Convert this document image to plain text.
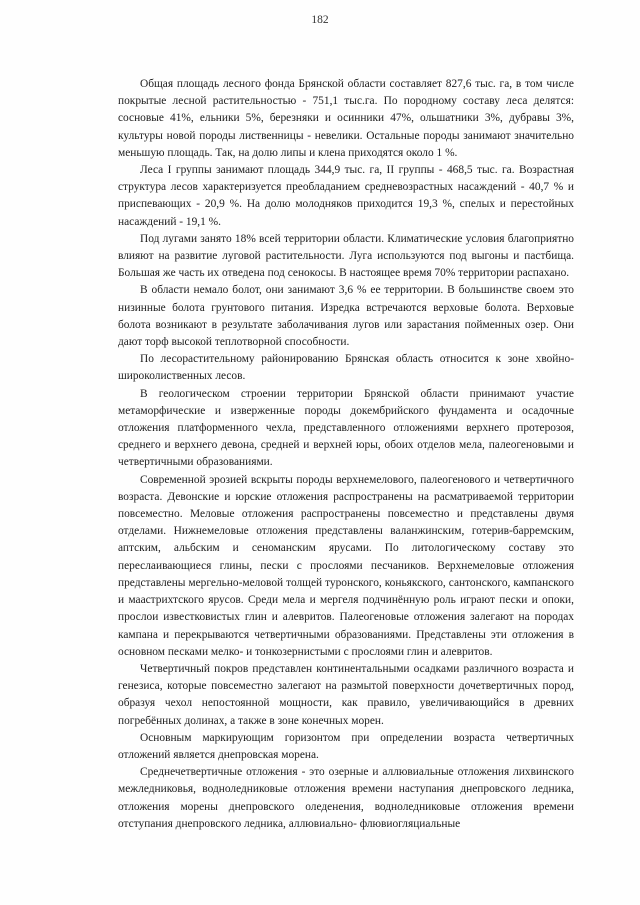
182

Общая площадь лесного фонда Брянской области составляет 827,6 тыс. га, в том числе покрытые лесной растительностью - 751,1 тыс.га. По породному составу леса делятся: сосновые 41%, ельники 5%, березняки и осинники 47%, ольшатники 3%, дубравы 3%, культуры новой породы лиственницы - невелики. Остальные породы занимают значительно меньшую площадь. Так, на долю липы и клена приходятся около 1 %.

Леса I группы занимают площадь 344,9 тыс. га, II группы - 468,5 тыс. га. Возрастная структура лесов характеризуется преобладанием средневозрастных насаждений - 40,7 % и приспевающих - 20,9 %. На долю молодняков приходится 19,3 %, спелых и перестойных насаждений - 19,1 %.

Под лугами занято 18% всей территории области. Климатические условия благоприятно влияют на развитие луговой растительности. Луга используются под выгоны и пастбища. Большая же часть их отведена под сенокосы. В настоящее время 70% территории распахано.

В области немало болот, они занимают 3,6 % ее территории. В большинстве своем это низинные болота грунтового питания. Изредка встречаются верховые болота. Верховые болота возникают в результате заболачивания лугов или зарастания пойменных озер. Они дают торф высокой теплотворной способности.

По лесорастительному районированию Брянская область относится к зоне хвойно-широколиственных лесов.

В геологическом строении территории Брянской области принимают участие метаморфические и изверженные породы докембрийского фундамента и осадочные отложения платформенного чехла, представленного отложениями верхнего протерозоя, среднего и верхнего девона, средней и верхней юры, обоих отделов мела, палеогеновыми и четвертичными образованиями.

Современной эрозией вскрыты породы верхнемелового, палеогенового и четвертичного возраста. Девонские и юрские отложения распространены на расматриваемой территории повсеместно. Меловые отложения распространены повсеместно и представлены двумя отделами. Нижнемеловые отложения представлены валанжинским, готерив-барремским, аптским, альбским и сеноманским ярусами. По литологическому составу это переслаивающиеся глины, пески с прослоями песчаников. Верхнемеловые отложения представлены мергельно-меловой толщей туронского, коньякского, сантонского, кампанского и маастрихтского ярусов. Среди мела и мергеля подчинённую роль играют пески и опоки, прослои известковистых глин и алевритов. Палеогеновые отложения залегают на породах кампана и перекрываются четвертичными образованиями. Представлены эти отложения в основном песками мелко- и тонкозернистыми с прослоями глин и алевритов.

Четвертичный покров представлен континентальными осадками различного возраста и генезиса, которые повсеместно залегают на размытой поверхности дочетвертичных пород, образуя чехол непостоянной мощности, как правило, увеличивающийся в древних погребённых долинах, а также в зоне конечных морен.

Основным маркирующим горизонтом при определении возраста четвертичных отложений является днепровская морена.

Среднечетвертичные отложения - это озерные и аллювиальные отложения лихвинского межледниковья, водноледниковые отложения времени наступания днепровского ледника, отложения морены днепровского оледенения, водноледниковые отложения времени отступания днепровского ледника, аллювиально- флювиогляциальные
